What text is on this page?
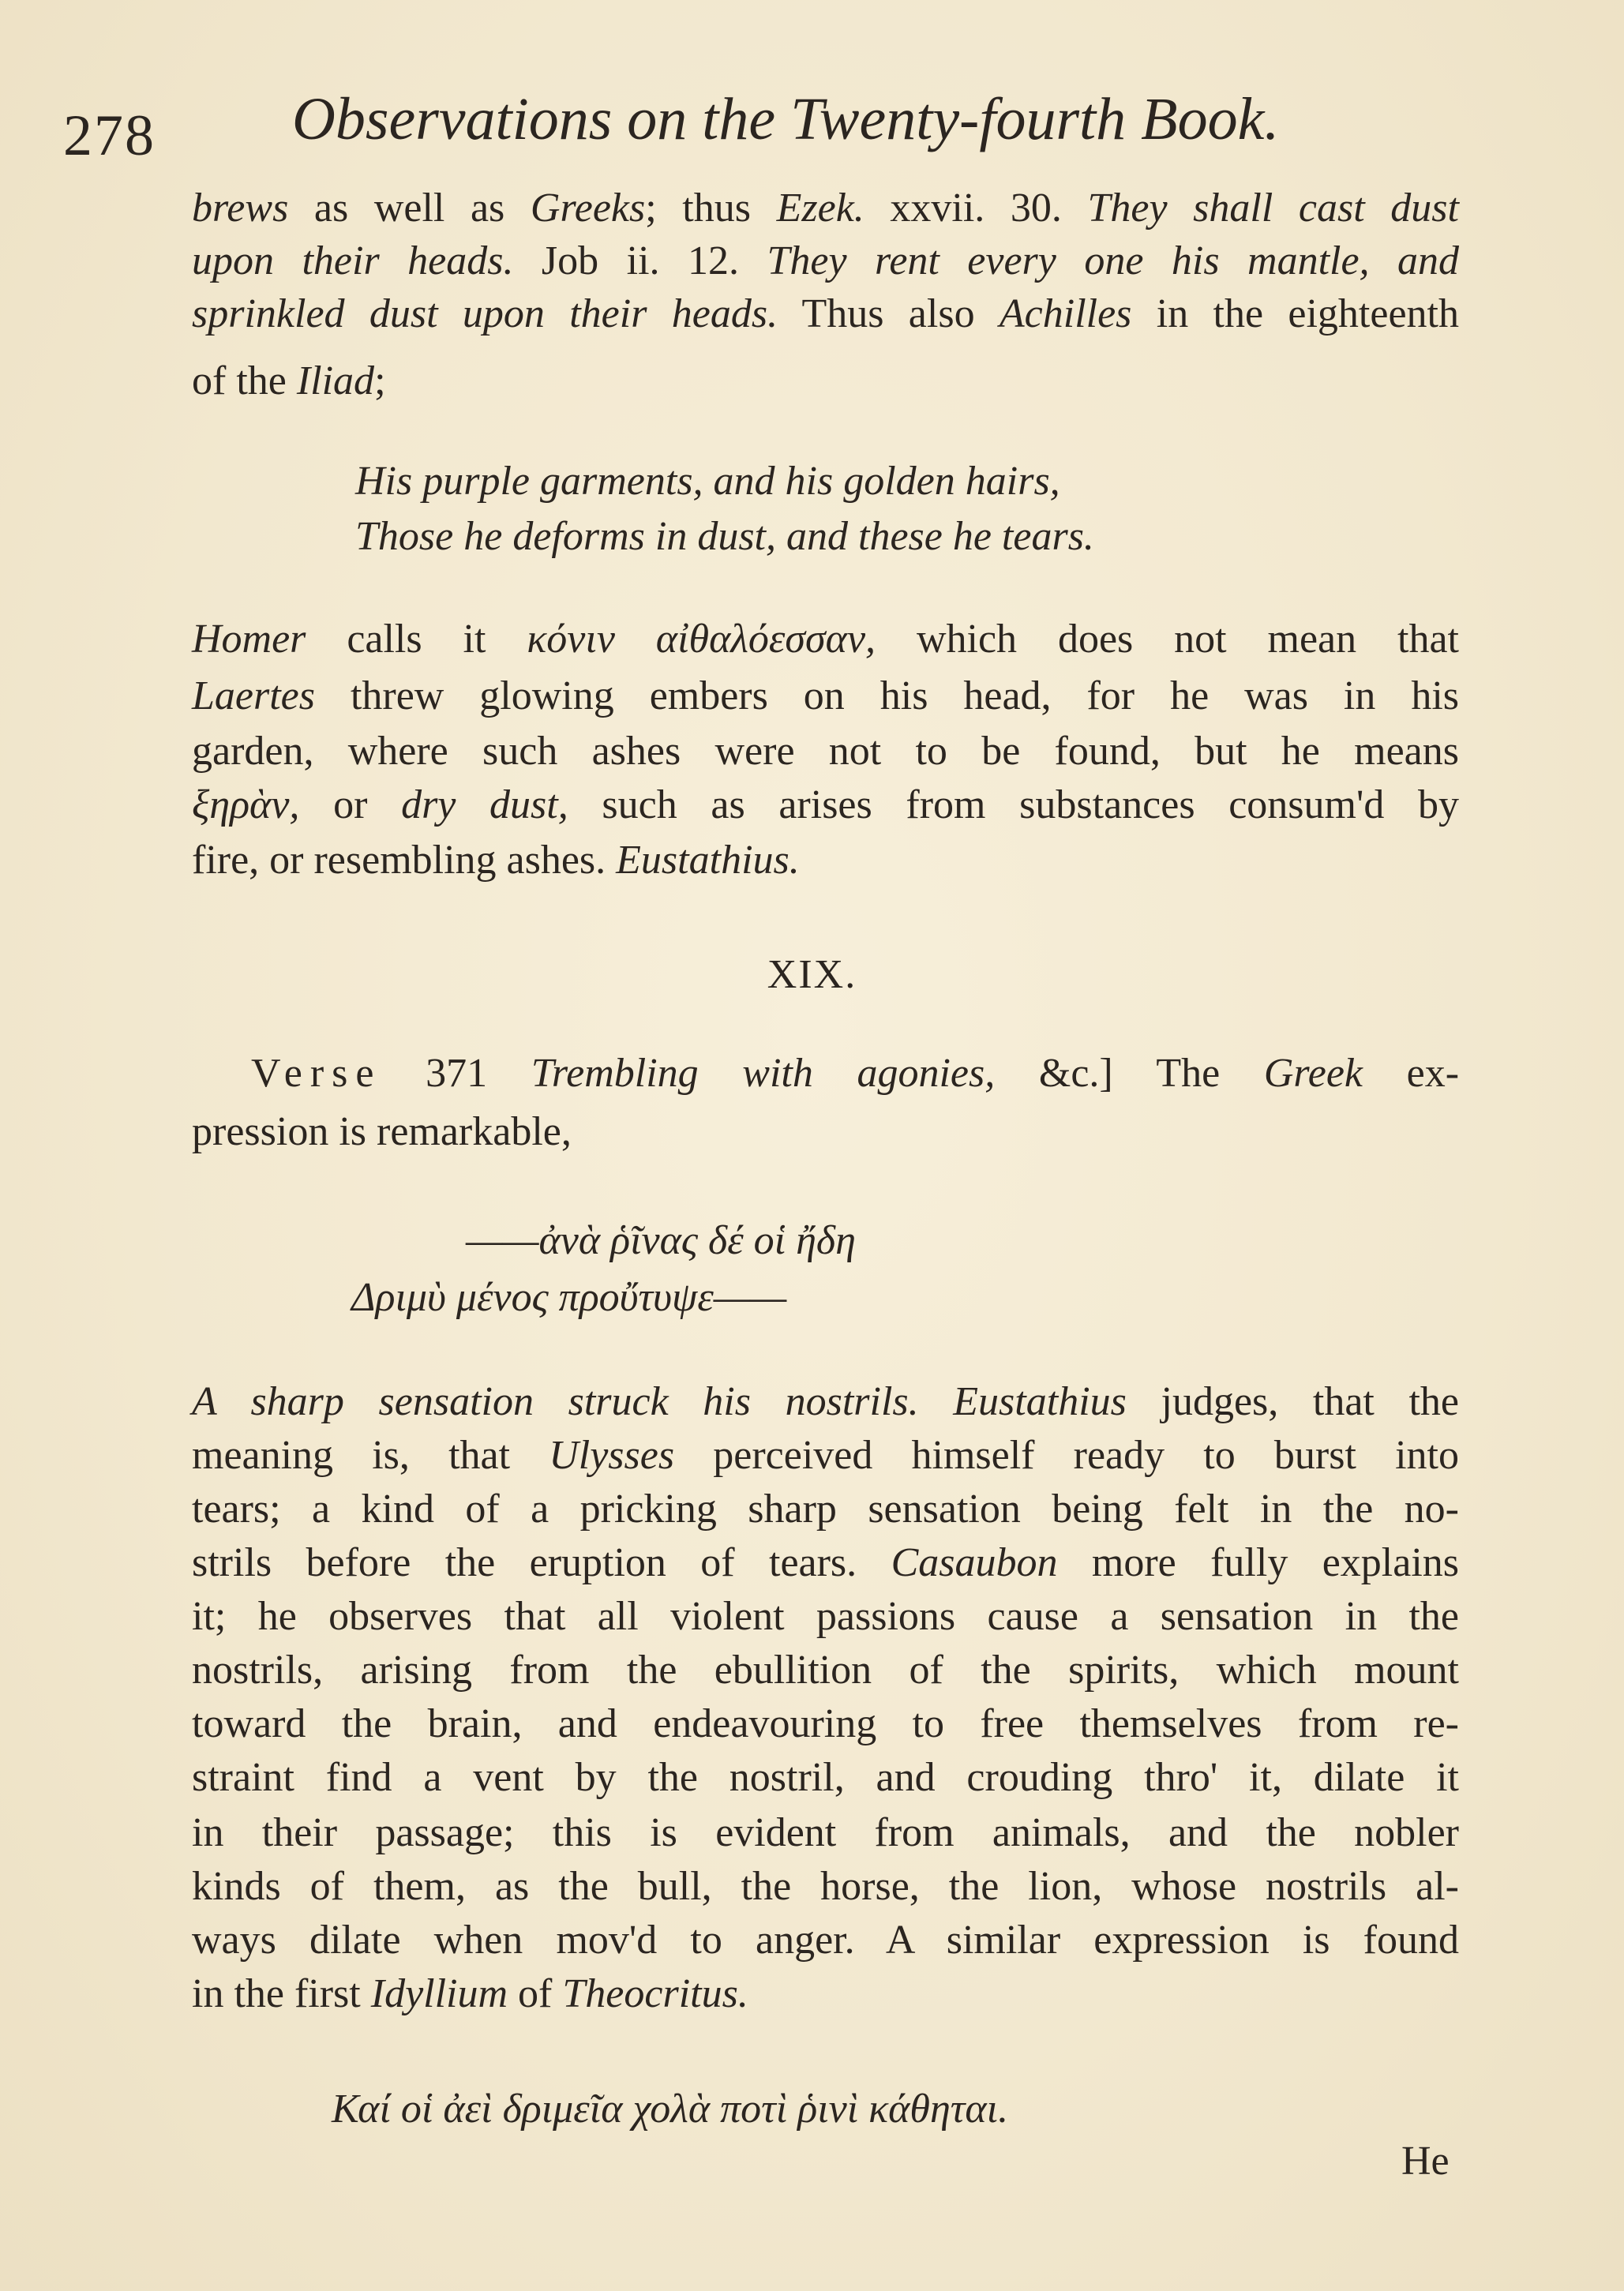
278 Observations on the Twenty-fourth Book.
brews as well as Greeks; thus Ezek. xxvii. 30. They shall cast dust
upon their heads. Job ii. 12. They rent every one his mantle, and
sprinkled dust upon their heads. Thus also Achilles in the eighteenth
of the Iliad;
His purple garments, and his golden hairs,
Those he deforms in dust, and these he tears.
Homer calls it κόνιν αἰθαλόεσσαν, which does not mean that
Laertes threw glowing embers on his head, for he was in his
garden, where such ashes were not to be found, but he means
ξηρὰν, or dry dust, such as arises from substances consum'd by
fire, or resembling ashes. Eustathius.
XIX.
Verse 371 Trembling with agonies, &c.] The Greek ex-
pression is remarkable,
——ἀνὰ ῥῖνας δέ οἱ ἤδη
Δριμὺ μένος προὔτυψε——
A sharp sensation struck his nostrils. Eustathius judges, that the
meaning is, that Ulysses perceived himself ready to burst into
tears; a kind of a pricking sharp sensation being felt in the no-
strils before the eruption of tears. Casaubon more fully explains
it; he observes that all violent passions cause a sensation in the
nostrils, arising from the ebullition of the spirits, which mount
toward the brain, and endeavouring to free themselves from re-
straint find a vent by the nostril, and crouding thro' it, dilate it
in their passage; this is evident from animals, and the nobler
kinds of them, as the bull, the horse, the lion, whose nostrils al-
ways dilate when mov'd to anger. A similar expression is found
in the first Idyllium of Theocritus.
Καί οἱ ἀεὶ δριμεῖα χολὰ ποτὶ ῥινὶ κάθηται.
He
